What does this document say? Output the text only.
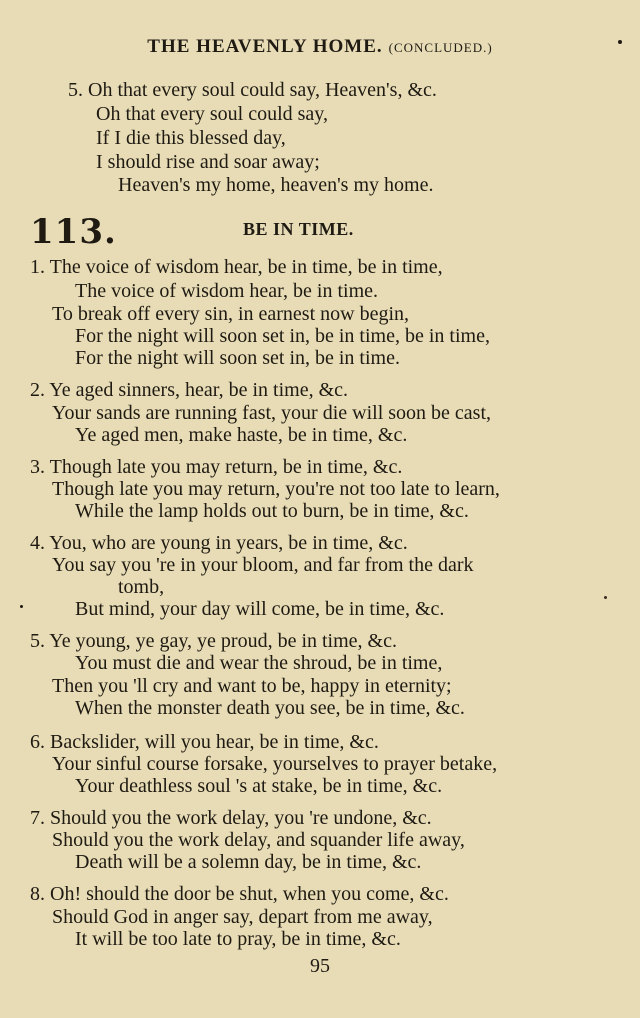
THE HEAVENLY HOME. (CONCLUDED.)
5. Oh that every soul could say, Heaven's, &c.
Oh that every soul could say,
If I die this blessed day,
I should rise and soar away;
Heaven's my home, heaven's my home.
113.	BE IN TIME.
1. The voice of wisdom hear, be in time, be in time,
The voice of wisdom hear, be in time.
To break off every sin, in earnest now begin,
For the night will soon set in, be in time, be in time,
For the night will soon set in, be in time.
2. Ye aged sinners, hear, be in time, &c.
Your sands are running fast, your die will soon be cast,
Ye aged men, make haste, be in time, &c.
3. Though late you may return, be in time, &c.
Though late you may return, you're not too late to learn,
While the lamp holds out to burn, be in time, &c.
4. You, who are young in years, be in time, &c.
You say you 're in your bloom, and far from the dark
tomb,
But mind, your day will come, be in time, &c.
5. Ye young, ye gay, ye proud, be in time, &c.
You must die and wear the shroud, be in time,
Then you 'll cry and want to be, happy in eternity;
When the monster death you see, be in time, &c.
6. Backslider, will you hear, be in time, &c.
Your sinful course forsake, yourselves to prayer betake,
Your deathless soul 's at stake, be in time, &c.
7. Should you the work delay, you 're undone, &c.
Should you the work delay, and squander life away,
Death will be a solemn day, be in time, &c.
8. Oh! should the door be shut, when you come, &c.
Should God in anger say, depart from me away,
It will be too late to pray, be in time, &c.
95
